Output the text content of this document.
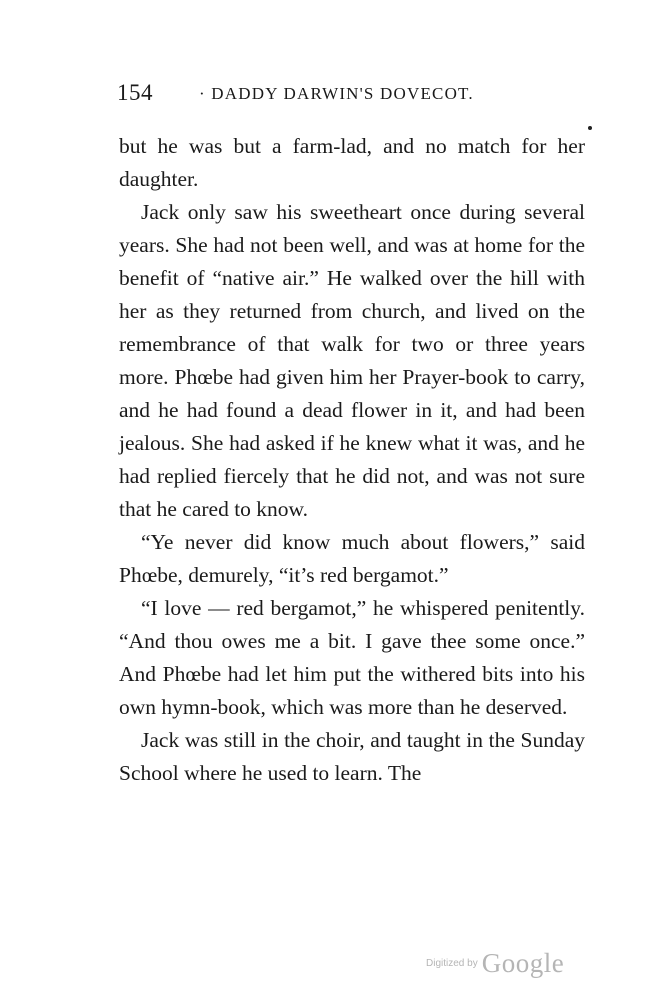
154	· DADDY DARWIN'S DOVECOT.

but he was but a farm-lad, and no match for her daughter.

Jack only saw his sweetheart once during several years. She had not been well, and was at home for the benefit of “native air.” He walked over the hill with her as they returned from church, and lived on the remembrance of that walk for two or three years more. Phœbe had given him her Prayer-book to carry, and he had found a dead flower in it, and had been jealous. She had asked if he knew what it was, and he had replied fiercely that he did not, and was not sure that he cared to know.

“Ye never did know much about flowers,” said Phœbe, demurely, “it’s red bergamot.”

“I love — red bergamot,” he whispered penitently. “And thou owes me a bit. I gave thee some once.” And Phœbe had let him put the withered bits into his own hymn-book, which was more than he deserved.

Jack was still in the choir, and taught in the Sunday School where he used to learn. The

Digitized by Google
